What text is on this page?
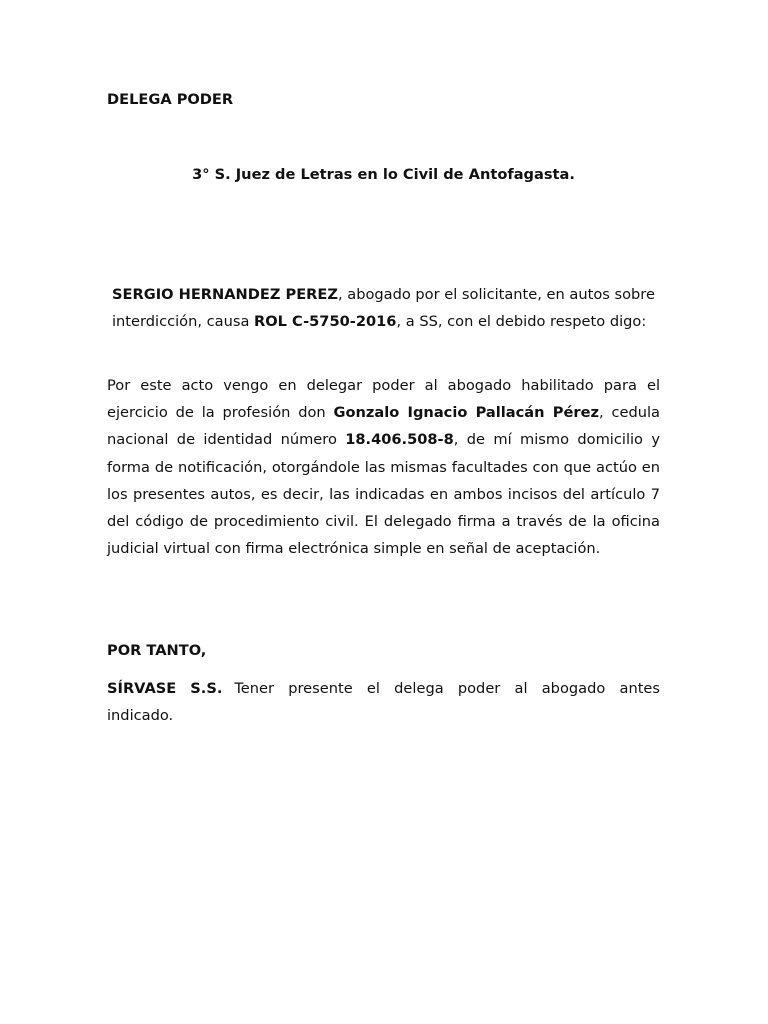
DELEGA PODER

3° S. Juez de Letras en lo Civil de Antofagasta.

SERGIO HERNANDEZ PEREZ, abogado por el solicitante, en autos sobre interdicción, causa ROL C-5750-2016, a SS, con el debido respeto digo:

Por este acto vengo en delegar poder al abogado habilitado para el ejercicio de la profesión don Gonzalo Ignacio Pallacán Pérez, cedula nacional de identidad número 18.406.508-8, de mí mismo domicilio y forma de notificación, otorgándole las mismas facultades con que actúo en los presentes autos, es decir, las indicadas en ambos incisos del artículo 7 del código de procedimiento civil. El delegado firma a través de la oficina judicial virtual con firma electrónica simple en señal de aceptación.

POR TANTO,

SÍRVASE S.S. Tener presente el delega poder al abogado antes indicado.
